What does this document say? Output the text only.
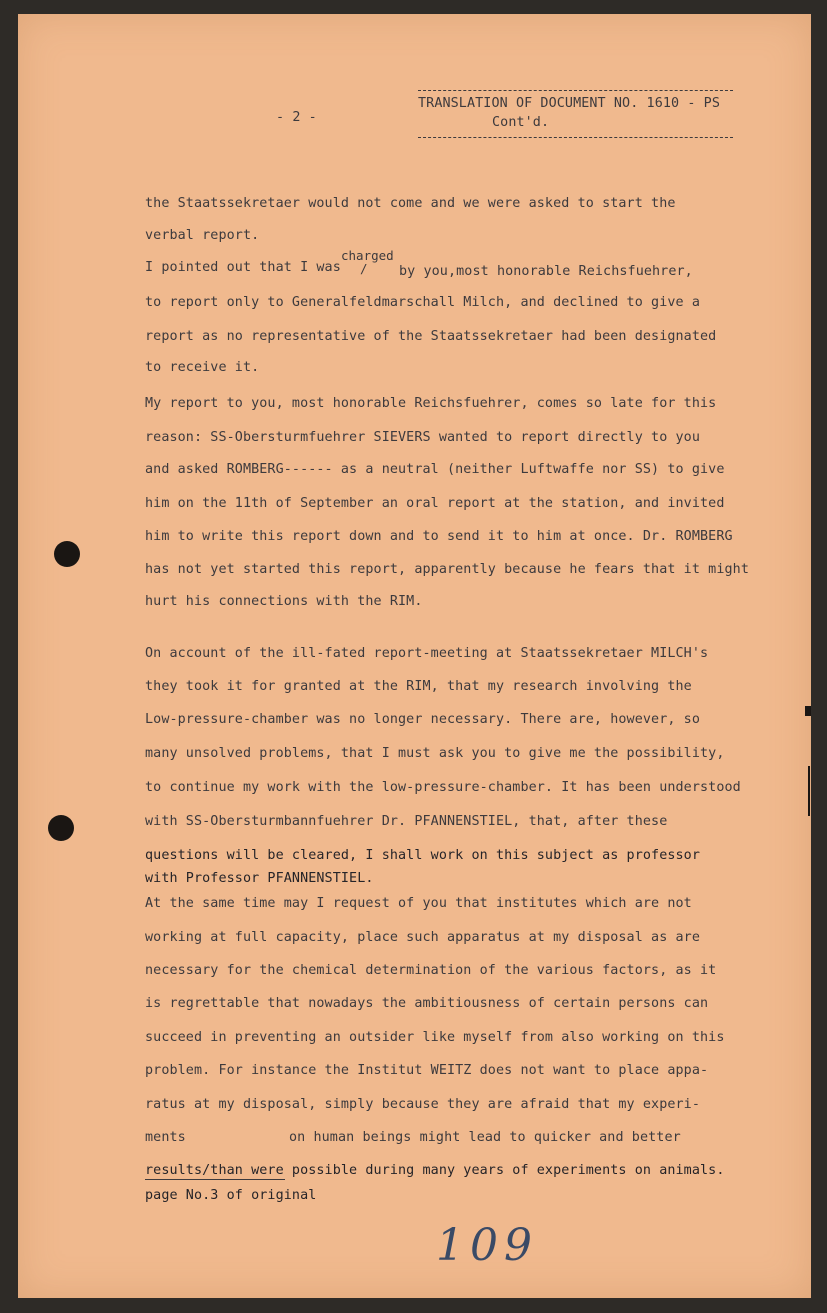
- 2 -

TRANSLATION OF DOCUMENT NO. 1610 - PS

Cont'd.

the Staatssekretaer would not come and we were asked to start the

verbal report.

I pointed out that I was

charged
/ by you,most honorable Reichsfuehrer,

to report only to Generalfeldmarschall Milch, and declined to give a

report as no representative of the Staatssekretaer had been designated

to receive it.

My report to you, most honorable Reichsfuehrer, comes so late for this

reason: SS-Obersturmfuehrer SIEVERS wanted to report directly to you

and asked ROMBERG------ as a neutral (neither Luftwaffe nor SS) to give

him on the 11th of September an oral report at the station, and invited

him to write this report down and to send it to him at once. Dr. ROMBERG

has not yet started this report, apparently because he fears that it might

hurt his connections with the RIM.

On account of the ill-fated report-meeting at Staatssekretaer MILCH's

they took it for granted at the RIM, that my research involving the

Low-pressure-chamber was no longer necessary. There are, however, so

many unsolved problems, that I must ask you to give me the possibility,

to continue my work with the low-pressure-chamber. It has been understood

with SS-Obersturmbannfuehrer Dr. PFANNENSTIEL, that, after these

questions will be cleared, I shall work on this subject as professor

with Professor PFANNENSTIEL.

At the same time may I request of you that institutes which are not

working at full capacity, place such apparatus at my disposal as are

necessary for the chemical determination of the various factors, as it

is regrettable that nowadays the ambitiousness of certain persons can

succeed in preventing an outsider like myself from also working on this

problem. For instance the Institut WEITZ does not want to place appa-

ratus at my disposal, simply because they are afraid that my experi-

ments	on human beings might lead to quicker and better

results/than were possible during many years of experiments on animals.

page No.3 of original

109
